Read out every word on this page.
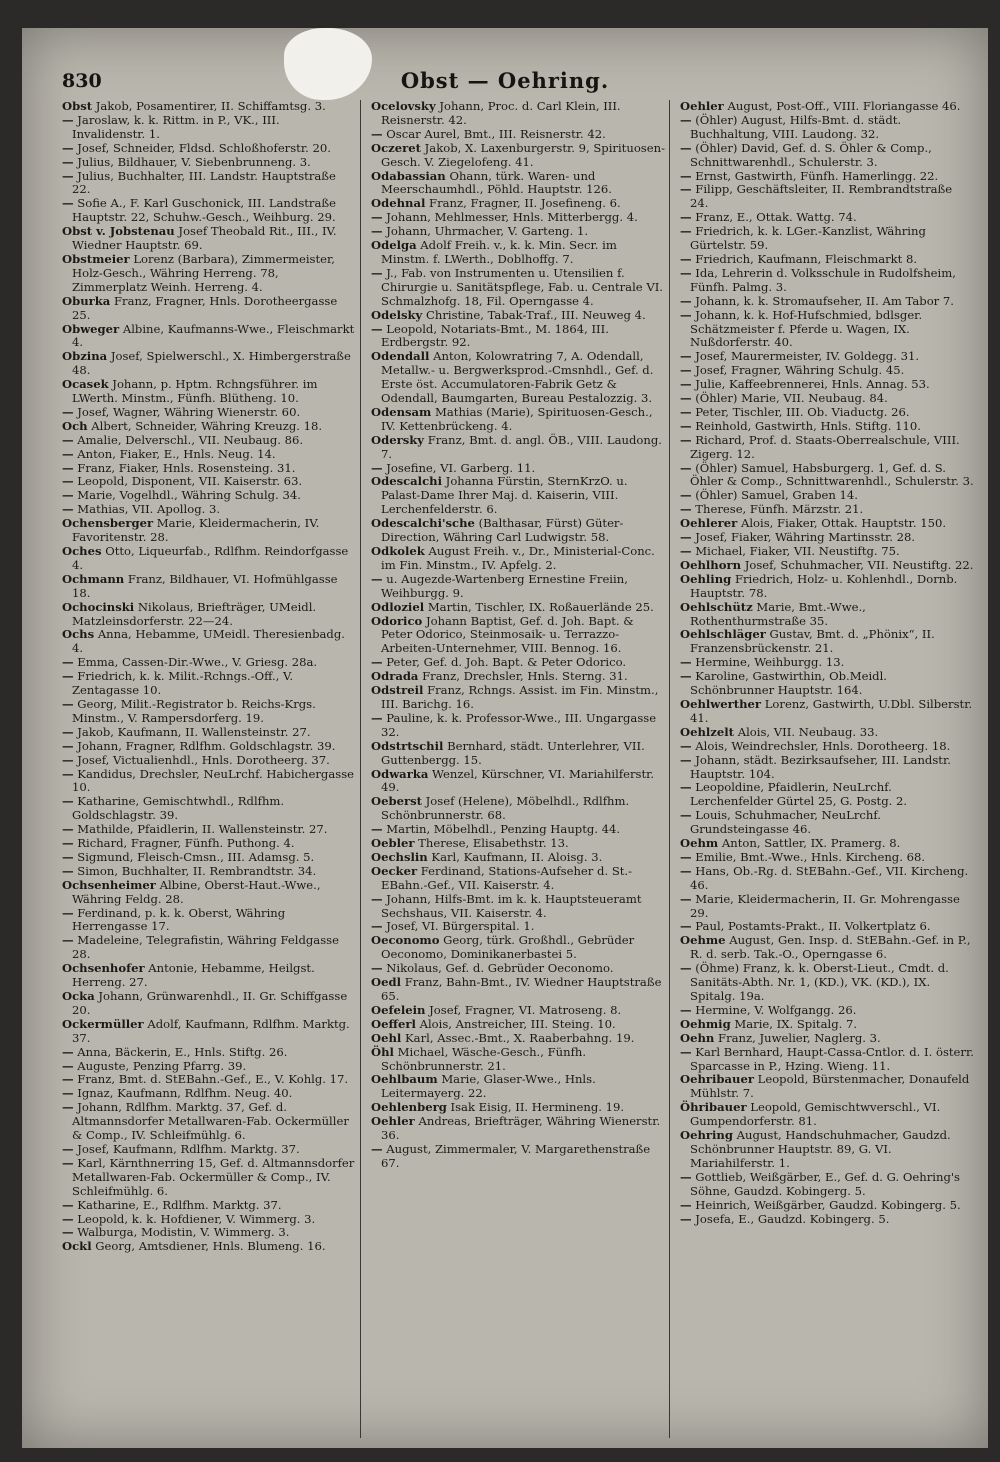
830	Obst — Oehring.

Obst Jakob, Posamentirer, II. Schiffamtsg. 3.

— Jaroslaw, k. k. Rittm. in P., VK., III. Invalidenstr. 1.

— Josef, Schneider, Fldsd. Schloßhoferstr. 20.

— Julius, Bildhauer, V. Siebenbrunneng. 3.

— Julius, Buchhalter, III. Landstr. Hauptstraße 22.

— Sofie A., F. Karl Guschonick, III. Landstraße Hauptstr. 22, Schuhw.-Gesch., Weihburg. 29.

Obst v. Jobstenau Josef Theobald Rit., III., IV. Wiedner Hauptstr. 69.

Obstmeier Lorenz (Barbara), Zimmermeister, Holz-Gesch., Währing Herreng. 78, Zimmerplatz Weinh. Herreng. 4.

Oburka Franz, Fragner, Hnls. Dorotheergasse 25.

Obweger Albine, Kaufmanns-Wwe., Fleischmarkt 4.

Obzina Josef, Spielwerschl., X. Himbergerstraße 48.

Ocasek Johann, p. Hptm. Rchngsführer. im LWerth. Minstm., Fünfh. Blütheng. 10.

— Josef, Wagner, Währing Wienerstr. 60.

Och Albert, Schneider, Währing Kreuzg. 18.

— Amalie, Delverschl., VII. Neubaug. 86.

— Anton, Fiaker, E., Hnls. Neug. 14.

— Franz, Fiaker, Hnls. Rosensteing. 31.

— Leopold, Disponent, VII. Kaiserstr. 63.

— Marie, Vogelhdl., Währing Schulg. 34.

— Mathias, VII. Apollog. 3.

Ochensberger Marie, Kleidermacherin, IV. Favoritenstr. 28.

Oches Otto, Liqueurfab., Rdlfhm. Reindorfgasse 4.

Ochmann Franz, Bildhauer, VI. Hofmühlgasse 18.

Ochocinski Nikolaus, Briefträger, UMeidl. Matzleinsdorferstr. 22—24.

Ochs Anna, Hebamme, UMeidl. Theresienbadg. 4.

— Emma, Cassen-Dir.-Wwe., V. Griesg. 28a.

— Friedrich, k. k. Milit.-Rchngs.-Off., V. Zentagasse 10.

— Georg, Milit.-Registrator b. Reichs-Krgs. Minstm., V. Rampersdorferg. 19.

— Jakob, Kaufmann, II. Wallensteinstr. 27.

— Johann, Fragner, Rdlfhm. Goldschlagstr. 39.

— Josef, Victualienhdl., Hnls. Dorotheerg. 37.

— Kandidus, Drechsler, NeuLrchf. Habichergasse 10.

— Katharine, Gemischtwhdl., Rdlfhm. Goldschlagstr. 39.

— Mathilde, Pfaidlerin, II. Wallensteinstr. 27.

— Richard, Fragner, Fünfh. Puthong. 4.

— Sigmund, Fleisch-Cmsn., III. Adamsg. 5.

— Simon, Buchhalter, II. Rembrandtstr. 34.

Ochsenheimer Albine, Oberst-Haut.-Wwe., Währing Feldg. 28.

— Ferdinand, p. k. k. Oberst, Währing Herrengasse 17.

— Madeleine, Telegrafistin, Währing Feldgasse 28.

Ochsenhofer Antonie, Hebamme, Heilgst. Herreng. 27.

Ocka Johann, Grünwarenhdl., II. Gr. Schiffgasse 20.

Ockermüller Adolf, Kaufmann, Rdlfhm. Marktg. 37.

— Anna, Bäckerin, E., Hnls. Stiftg. 26.

— Auguste, Penzing Pfarrg. 39.

— Franz, Bmt. d. StEBahn.-Gef., E., V. Kohlg. 17.

— Ignaz, Kaufmann, Rdlfhm. Neug. 40.

— Johann, Rdlfhm. Marktg. 37, Gef. d. Altmannsdorfer Metallwaren-Fab. Ockermüller & Comp., IV. Schleifmühlg. 6.

— Josef, Kaufmann, Rdlfhm. Marktg. 37.

— Karl, Kärnthnerring 15, Gef. d. Altmannsdorfer Metallwaren-Fab. Ockermüller & Comp., IV. Schleifmühlg. 6.

— Katharine, E., Rdlfhm. Marktg. 37.

— Leopold, k. k. Hofdiener, V. Wimmerg. 3.

— Walburga, Modistin, V. Wimmerg. 3.

Ockl Georg, Amtsdiener, Hnls. Blumeng. 16.

Ocelovsky Johann, Proc. d. Carl Klein, III. Reisnerstr. 42.

— Oscar Aurel, Bmt., III. Reisnerstr. 42.

Oczeret Jakob, X. Laxenburgerstr. 9, Spirituosen-Gesch. V. Ziegelofeng. 41.

Odabassian Ohann, türk. Waren- und Meerschaumhdl., Pöhld. Hauptstr. 126.

Odehnal Franz, Fragner, II. Josefineng. 6.

— Johann, Mehlmesser, Hnls. Mitterbergg. 4.

— Johann, Uhrmacher, V. Garteng. 1.

Odelga Adolf Freih. v., k. k. Min. Secr. im Minstm. f. LWerth., Doblhoffg. 7.

— J., Fab. von Instrumenten u. Utensilien f. Chirurgie u. Sanitätspflege, Fab. u. Centrale VI. Schmalzhofg. 18, Fil. Operngasse 4.

Odelsky Christine, Tabak-Traf., III. Neuweg 4.

— Leopold, Notariats-Bmt., M. 1864, III. Erdbergstr. 92.

Odendall Anton, Kolowratring 7, A. Odendall, Metallw.- u. Bergwerksprod.-Cmsnhdl., Gef. d. Erste öst. Accumulatoren-Fabrik Getz & Odendall, Baumgarten, Bureau Pestalozzig. 3.

Odensam Mathias (Marie), Spirituosen-Gesch., IV. Kettenbrückeng. 4.

Odersky Franz, Bmt. d. angl. ÖB., VIII. Laudong. 7.

— Josefine, VI. Garberg. 11.

Odescalchi Johanna Fürstin, SternKrzO. u. Palast-Dame Ihrer Maj. d. Kaiserin, VIII. Lerchenfelderstr. 6.

Odescalchi'sche (Balthasar, Fürst) Güter-Direction, Währing Carl Ludwigstr. 58.

Odkolek August Freih. v., Dr., Ministerial-Conc. im Fin. Minstm., IV. Apfelg. 2.

— u. Augezde-Wartenberg Ernestine Freiin, Weihburgg. 9.

Odloziel Martin, Tischler, IX. Roßauerlände 25.

Odorico Johann Baptist, Gef. d. Joh. Bapt. & Peter Odorico, Steinmosaik- u. Terrazzo-Arbeiten-Unternehmer, VIII. Bennog. 16.

— Peter, Gef. d. Joh. Bapt. & Peter Odorico.

Odrada Franz, Drechsler, Hnls. Sterng. 31.

Odstreil Franz, Rchngs. Assist. im Fin. Minstm., III. Barichg. 16.

— Pauline, k. k. Professor-Wwe., III. Ungargasse 32.

Odstrtschil Bernhard, städt. Unterlehrer, VII. Guttenbergg. 15.

Odwarka Wenzel, Kürschner, VI. Mariahilferstr. 49.

Oeberst Josef (Helene), Möbelhdl., Rdlfhm. Schönbrunnerstr. 68.

— Martin, Möbelhdl., Penzing Hauptg. 44.

Oebler Therese, Elisabethstr. 13.

Oechslin Karl, Kaufmann, II. Aloisg. 3.

Oecker Ferdinand, Stations-Aufseher d. St.-EBahn.-Gef., VII. Kaiserstr. 4.

— Johann, Hilfs-Bmt. im k. k. Hauptsteueramt Sechshaus, VII. Kaiserstr. 4.

— Josef, VI. Bürgerspital. 1.

Oeconomo Georg, türk. Großhdl., Gebrüder Oeconomo, Dominikanerbastei 5.

— Nikolaus, Gef. d. Gebrüder Oeconomo.

Oedl Franz, Bahn-Bmt., IV. Wiedner Hauptstraße 65.

Oefelein Josef, Fragner, VI. Matroseng. 8.

Oefferl Alois, Anstreicher, III. Steing. 10.

Oehl Karl, Assec.-Bmt., X. Raaberbahng. 19.

Öhl Michael, Wäsche-Gesch., Fünfh. Schönbrunnerstr. 21.

Oehlbaum Marie, Glaser-Wwe., Hnls. Leitermayerg. 22.

Oehlenberg Isak Eisig, II. Hermineng. 19.

Oehler Andreas, Briefträger, Währing Wienerstr. 36.

— August, Zimmermaler, V. Margarethenstraße 67.

Oehler August, Post-Off., VIII. Floriangasse 46.

— (Öhler) August, Hilfs-Bmt. d. städt. Buchhaltung, VIII. Laudong. 32.

— (Öhler) David, Gef. d. S. Öhler & Comp., Schnittwarenhdl., Schulerstr. 3.

— Ernst, Gastwirth, Fünfh. Hamerlingg. 22.

— Filipp, Geschäftsleiter, II. Rembrandtstraße 24.

— Franz, E., Ottak. Wattg. 74.

— Friedrich, k. k. LGer.-Kanzlist, Währing Gürtelstr. 59.

— Friedrich, Kaufmann, Fleischmarkt 8.

— Ida, Lehrerin d. Volksschule in Rudolfsheim, Fünfh. Palmg. 3.

— Johann, k. k. Stromaufseher, II. Am Tabor 7.

— Johann, k. k. Hof-Hufschmied, bdlsger. Schätzmeister f. Pferde u. Wagen, IX. Nußdorferstr. 40.

— Josef, Maurermeister, IV. Goldegg. 31.

— Josef, Fragner, Währing Schulg. 45.

— Julie, Kaffeebrennerei, Hnls. Annag. 53.

— (Öhler) Marie, VII. Neubaug. 84.

— Peter, Tischler, III. Ob. Viaductg. 26.

— Reinhold, Gastwirth, Hnls. Stiftg. 110.

— Richard, Prof. d. Staats-Oberrealschule, VIII. Zigerg. 12.

— (Öhler) Samuel, Habsburgerg. 1, Gef. d. S. Öhler & Comp., Schnittwarenhdl., Schulerstr. 3.

— (Öhler) Samuel, Graben 14.

— Therese, Fünfh. Märzstr. 21.

Oehlerer Alois, Fiaker, Ottak. Hauptstr. 150.

— Josef, Fiaker, Währing Martinsstr. 28.

— Michael, Fiaker, VII. Neustiftg. 75.

Oehlhorn Josef, Schuhmacher, VII. Neustiftg. 22.

Oehling Friedrich, Holz- u. Kohlenhdl., Dornb. Hauptstr. 78.

Oehlschütz Marie, Bmt.-Wwe., Rothenthurmstraße 35.

Oehlschläger Gustav, Bmt. d. „Phönix“, II. Franzensbrückenstr. 21.

— Hermine, Weihburgg. 13.

— Karoline, Gastwirthin, Ob.Meidl. Schönbrunner Hauptstr. 164.

Oehlwerther Lorenz, Gastwirth, U.Dbl. Silberstr. 41.

Oehlzelt Alois, VII. Neubaug. 33.

— Alois, Weindrechsler, Hnls. Dorotheerg. 18.

— Johann, städt. Bezirksaufseher, III. Landstr. Hauptstr. 104.

— Leopoldine, Pfaidlerin, NeuLrchf. Lerchenfelder Gürtel 25, G. Postg. 2.

— Louis, Schuhmacher, NeuLrchf. Grundsteingasse 46.

Oehm Anton, Sattler, IX. Pramerg. 8.

— Emilie, Bmt.-Wwe., Hnls. Kircheng. 68.

— Hans, Ob.-Rg. d. StEBahn.-Gef., VII. Kircheng. 46.

— Marie, Kleidermacherin, II. Gr. Mohrengasse 29.

— Paul, Postamts-Prakt., II. Volkertplatz 6.

Oehme August, Gen. Insp. d. StEBahn.-Gef. in P., R. d. serb. Tak.-O., Operngasse 6.

— (Öhme) Franz, k. k. Oberst-Lieut., Cmdt. d. Sanitäts-Abth. Nr. 1, (KD.), VK. (KD.), IX. Spitalg. 19a.

— Hermine, V. Wolfgangg. 26.

Oehmig Marie, IX. Spitalg. 7.

Oehn Franz, Juwelier, Naglerg. 3.

— Karl Bernhard, Haupt-Cassa-Cntlor. d. I. österr. Sparcasse in P., Hzing. Wieng. 11.

Oehribauer Leopold, Bürstenmacher, Donaufeld Mühlstr. 7.

Öhribauer Leopold, Gemischtwverschl., VI. Gumpendorferstr. 81.

Oehring August, Handschuhmacher, Gaudzd. Schönbrunner Hauptstr. 89, G. VI. Mariahilferstr. 1.

— Gottlieb, Weißgärber, E., Gef. d. G. Oehring's Söhne, Gaudzd. Kobingerg. 5.

— Heinrich, Weißgärber, Gaudzd. Kobingerg. 5.

— Josefa, E., Gaudzd. Kobingerg. 5.
